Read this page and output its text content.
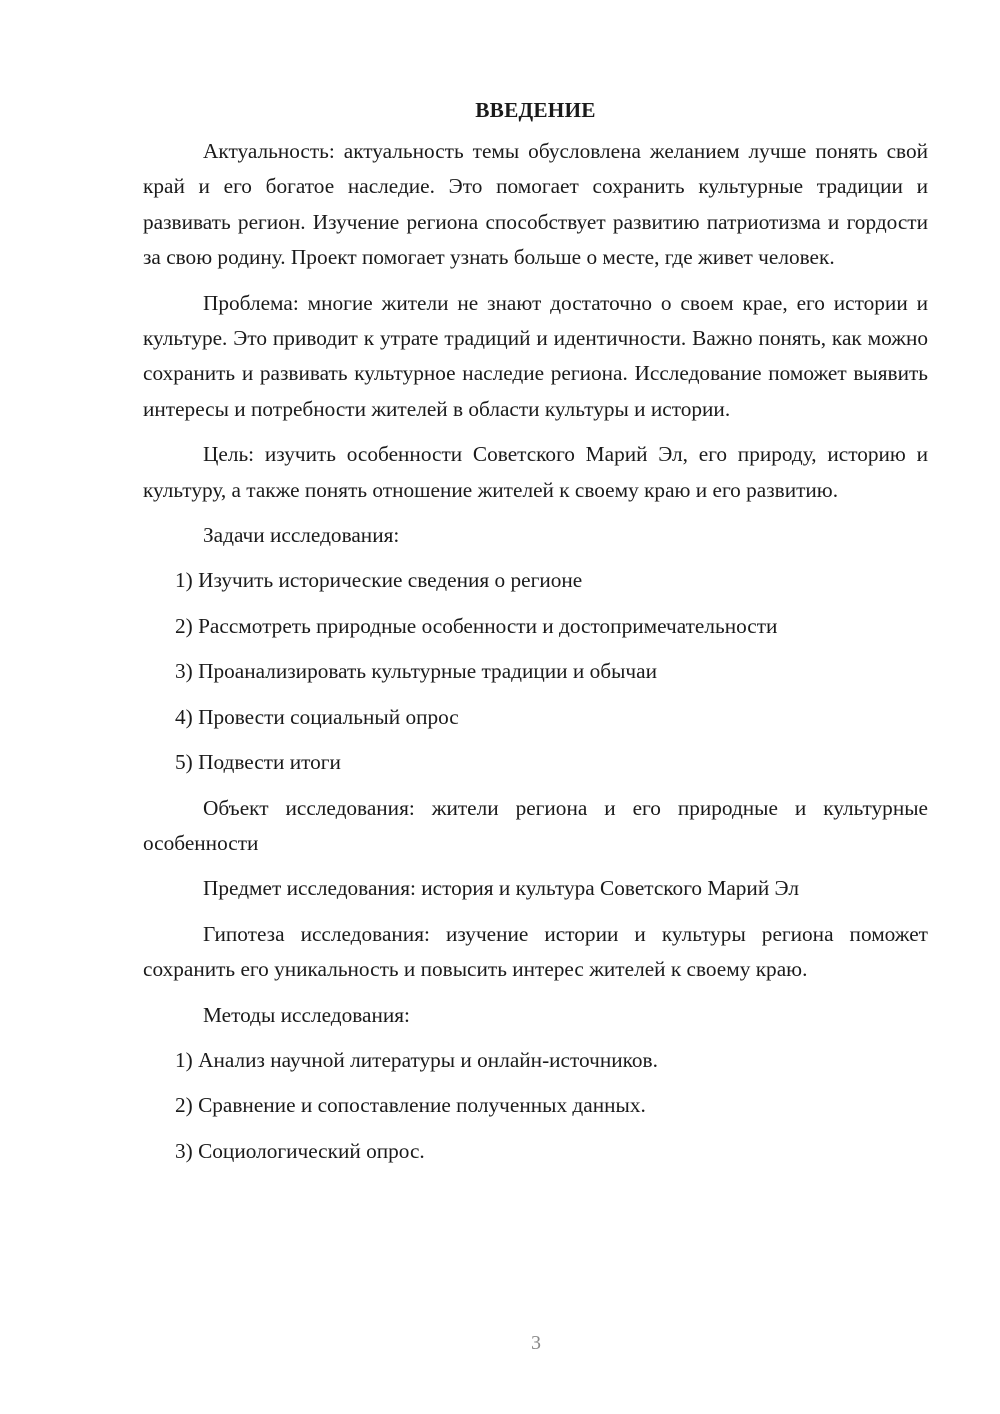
ВВЕДЕНИЕ

Актуальность: актуальность темы обусловлена желанием лучше понять свой край и его богатое наследие. Это помогает сохранить культурные традиции и развивать регион. Изучение региона способствует развитию патриотизма и гордости за свою родину. Проект помогает узнать больше о месте, где живет человек.

Проблема: многие жители не знают достаточно о своем крае, его истории и культуре. Это приводит к утрате традиций и идентичности. Важно понять, как можно сохранить и развивать культурное наследие региона. Исследование поможет выявить интересы и потребности жителей в области культуры и истории.

Цель: изучить особенности Советского Марий Эл, его природу, историю и культуру, а также понять отношение жителей к своему краю и его развитию.

Задачи исследования:
1) Изучить исторические сведения о регионе
2) Рассмотреть природные особенности и достопримечательности
3) Проанализировать культурные традиции и обычаи
4) Провести социальный опрос
5) Подвести итоги

Объект исследования: жители региона и его природные и культурные особенности

Предмет исследования: история и культура Советского Марий Эл

Гипотеза исследования: изучение истории и культуры региона поможет сохранить его уникальность и повысить интерес жителей к своему краю.

Методы исследования:
1) Анализ научной литературы и онлайн-источников.
2) Сравнение и сопоставление полученных данных.
3) Социологический опрос.
3
